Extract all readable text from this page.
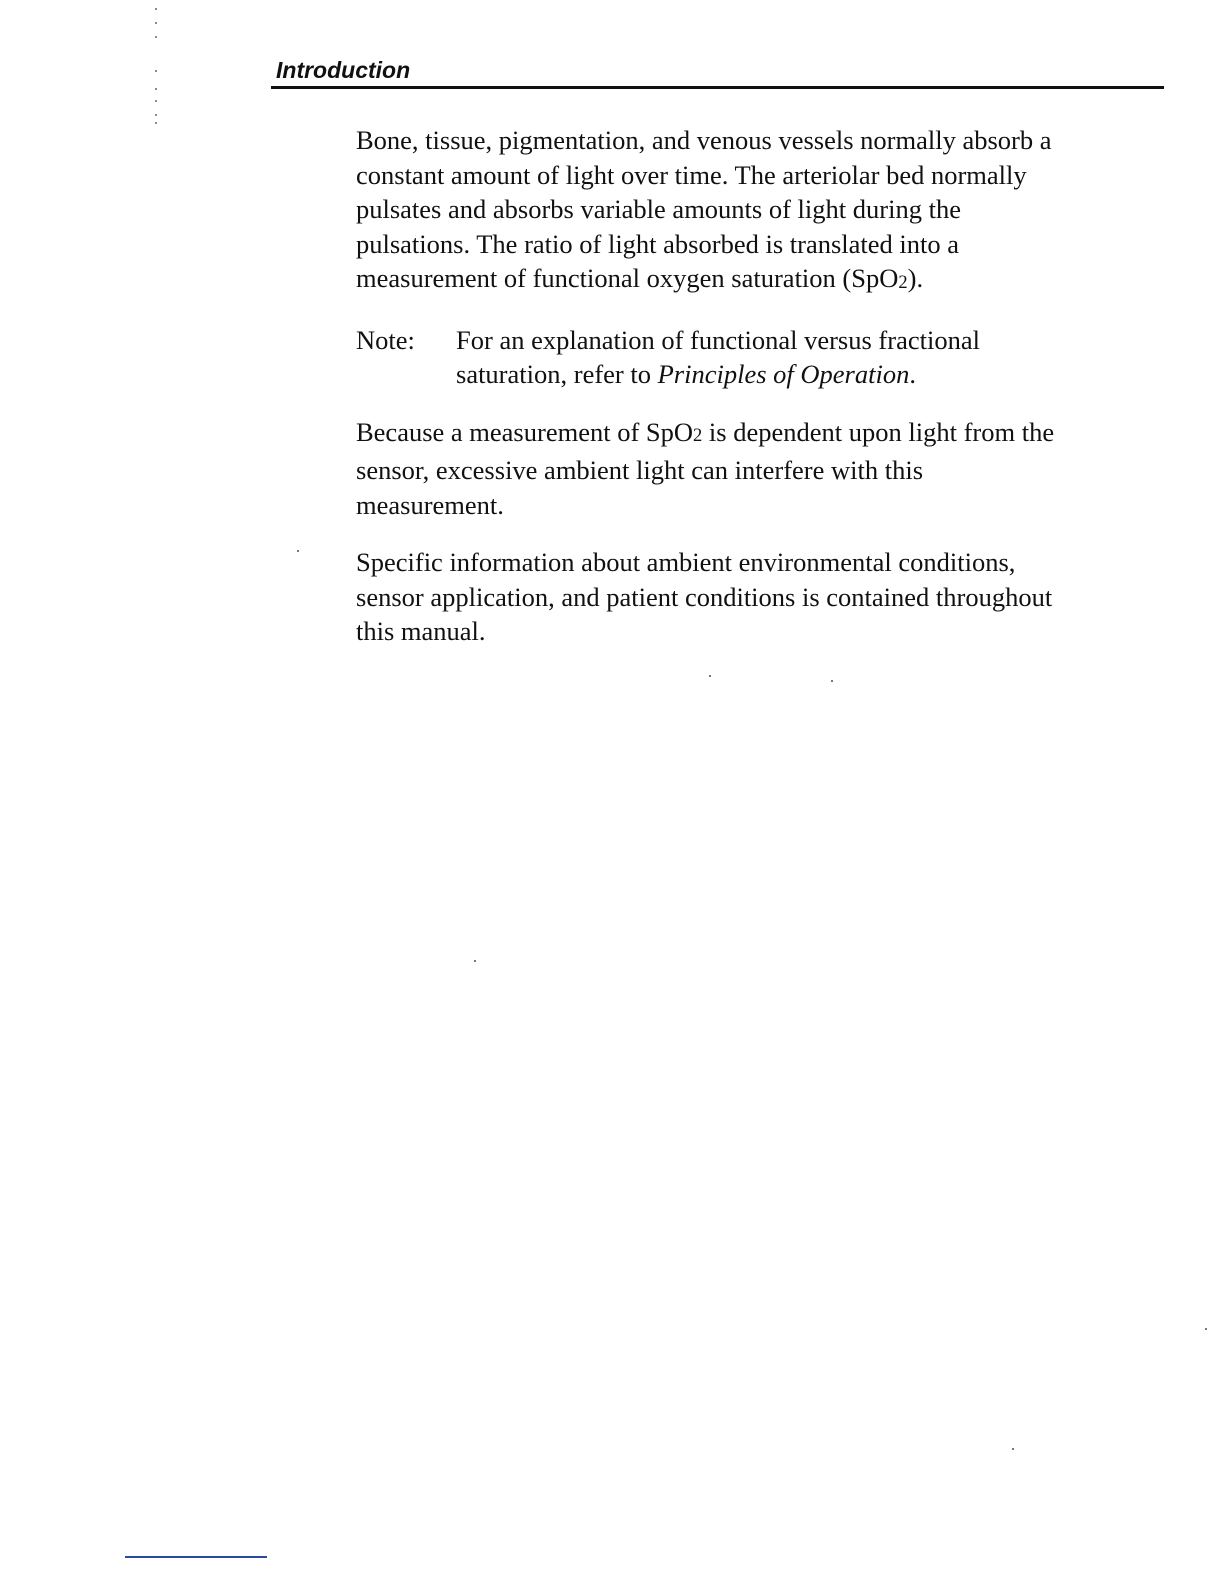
Introduction

Bone, tissue, pigmentation, and venous vessels normally absorb a
constant amount of light over time. The arteriolar bed normally
pulsates and absorbs variable amounts of light during the
pulsations. The ratio of light absorbed is translated into a
measurement of functional oxygen saturation (SpO$_2$).

Note:	For an explanation of functional versus fractional
saturation, refer to Principles of Operation.

Because a measurement of SpO$_2$ is dependent upon light from the
sensor, excessive ambient light can interfere with this
measurement.

Specific information about ambient environmental conditions,
sensor application, and patient conditions is contained throughout
this manual.
